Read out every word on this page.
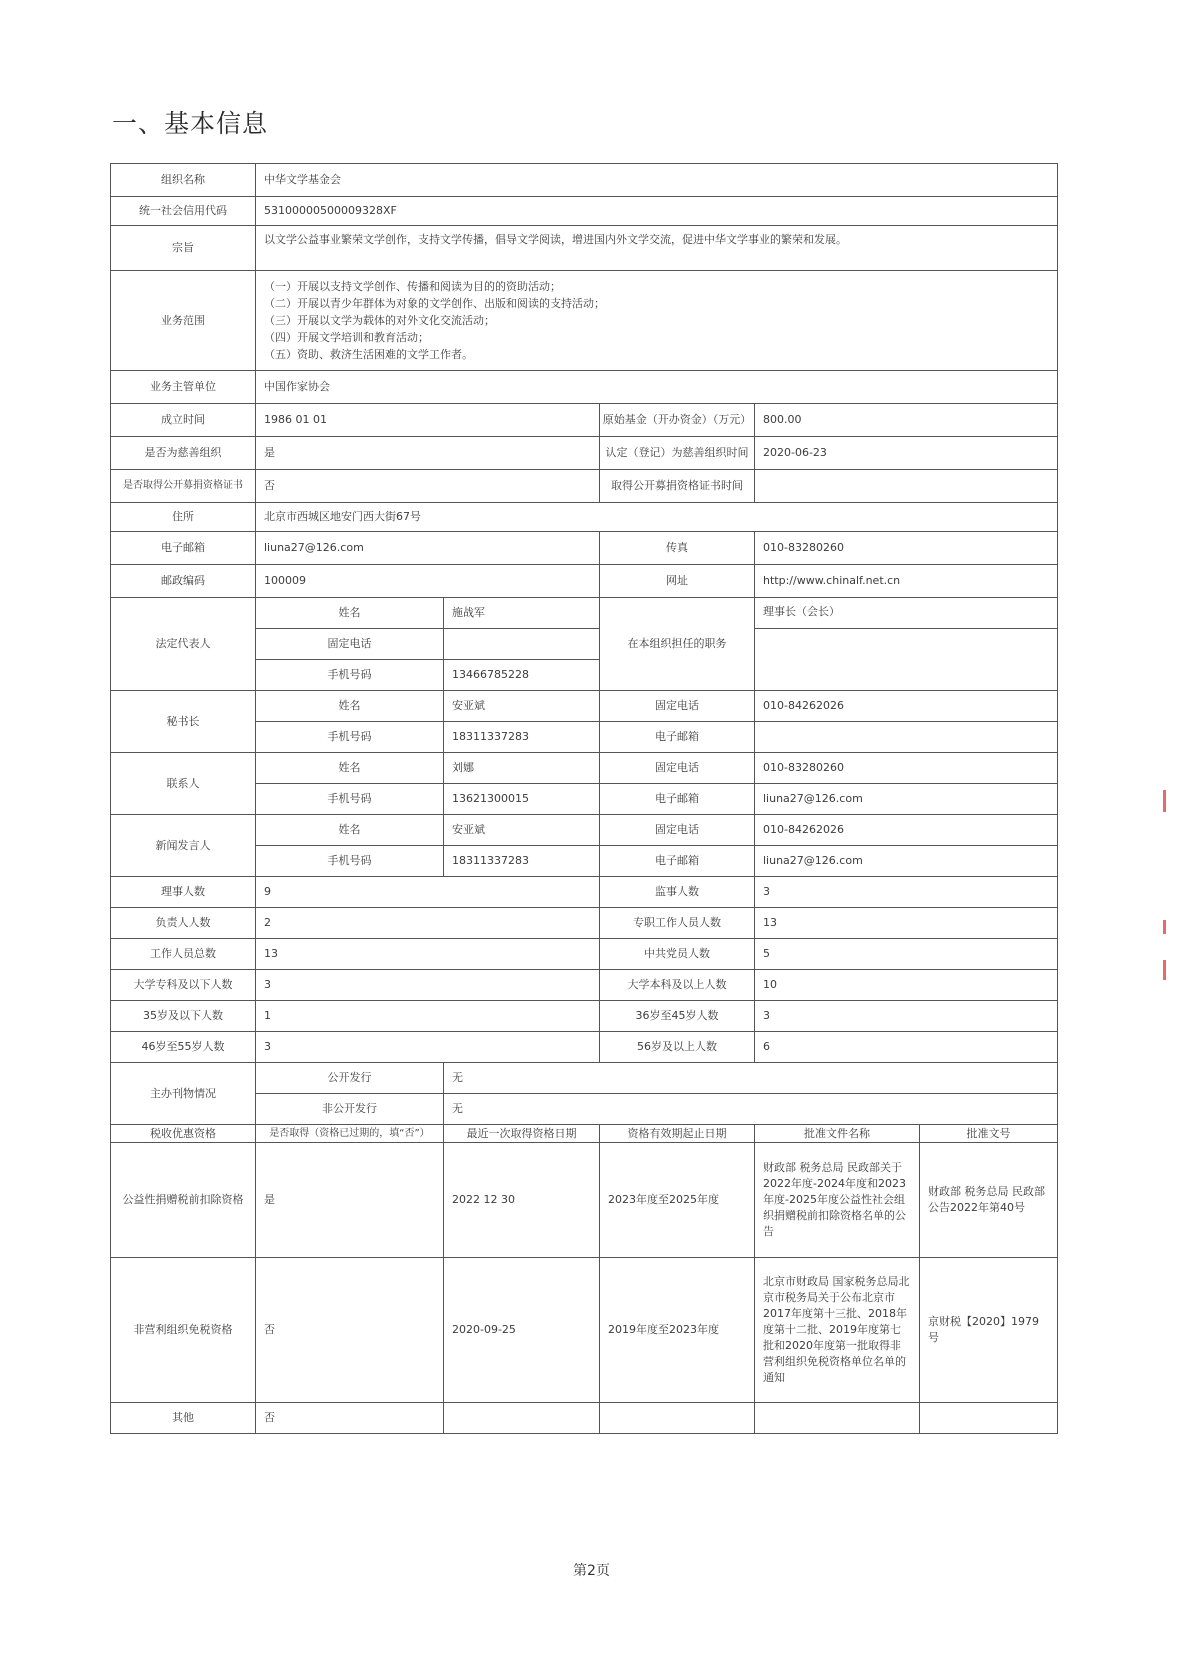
一、基本信息
组织名称	中华文学基金会				
统一社会信用代码	53100000500009328XF				
宗旨	以文学公益事业繁荣文学创作，支持文学传播，倡导文学阅读，增进国内外文学交流，促进中华文学事业的繁荣和发展。				
业务范围	（一）开展以支持文学创作、传播和阅读为目的的资助活动；
（二）开展以青少年群体为对象的文学创作、出版和阅读的支持活动；
（三）开展以文学为载体的对外文化交流活动；
（四）开展文学培训和教育活动；
（五）资助、救济生活困难的文学工作者。				

业务主管单位	中国作家协会				
成立时间	1986 01 01		原始基金（开办资金）（万元）	800.00	
是否为慈善组织	是		认定（登记）为慈善组织时间	2020-06-23	
是否取得公开募捐资格证书	否		取得公开募捐资格证书时间		
住所	北京市西城区地安门西大街67号				
电子邮箱	liuna27@126.com		传真	010-83280260	
邮政编码	100009		网址	http://www.chinalf.net.cn	
法定代表人	姓名	施战军	在本组织担任的职务	理事长（会长）	
	固定电话				
	手机号码	13466785228			
秘书长	姓名	安亚斌	固定电话	010-84262026	
	手机号码	18311337283	电子邮箱		
联系人	姓名	刘娜	固定电话	010-83280260	
	手机号码	13621300015	电子邮箱	liuna27@126.com	
新闻发言人	姓名	安亚斌	固定电话	010-84262026	
	手机号码	18311337283	电子邮箱	liuna27@126.com	
理事人数	9		监事人数	3	
负责人人数	2		专职工作人员人数	13	
工作人员总数	13		中共党员人数	5	
大学专科及以下人数	3		大学本科及以上人数	10	
35岁及以下人数	1		36岁至45岁人数	3	
46岁至55岁人数	3		56岁及以上人数	6	
主办刊物情况	公开发行	无			
	非公开发行	无			
税收优惠资格	是否取得（资格已过期的，填“否”）	最近一次取得资格日期	资格有效期起止日期	批准文件名称	批准文号
公益性捐赠税前扣除资格	是	2022 12 30	2023年度至2025年度	财政部 税务总局 民政部关于2022年度-2024年度和2023年度-2025年度公益性社会组织捐赠税前扣除资格名单的公告	财政部 税务总局 民政部公告2022年第40号
非营利组织免税资格	否	2020-09-25	2019年度至2023年度	北京市财政局 国家税务总局北京市税务局关于公布北京市2017年度第十三批、2018年度第十二批、2019年度第七批和2020年度第一批取得非营利组织免税资格单位名单的通知	京财税【2020】1979号
其他	否				
第2页
